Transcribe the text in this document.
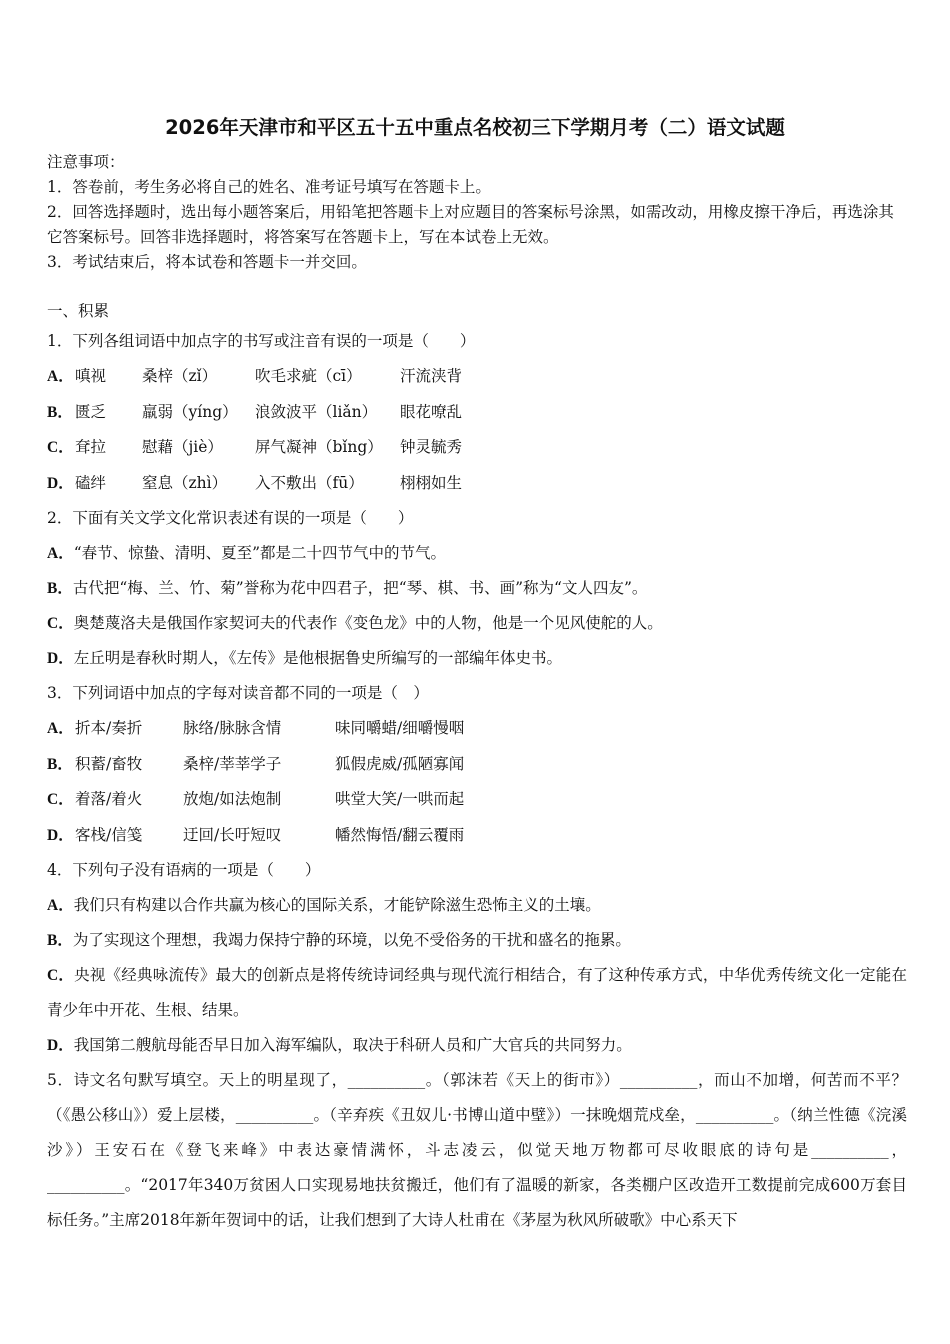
2026年天津市和平区五十五中重点名校初三下学期月考（二）语文试题
注意事项：
1．答卷前，考生务必将自己的姓名、准考证号填写在答题卡上。
2．回答选择题时，选出每小题答案后，用铅笔把答题卡上对应题目的答案标号涂黑，如需改动，用橡皮擦干净后，再选涂其它答案标号。回答非选择题时，将答案写在答题卡上，写在本试卷上无效。
3．考试结束后，将本试卷和答题卡一并交回。
一、积累
1．下列各组词语中加点字的书写或注音有误的一项是（　　）
A． 嗔视	桑梓（zǐ）	吹毛求疵（cī）	汗流浃背
B． 匮乏	羸弱（yíng）	浪敛波平（liǎn）	眼花嘹乱
C． 耷拉	慰藉（jiè）	屏气凝神（bǐng）	钟灵毓秀
D． 磕绊	窒息（zhì）	入不敷出（fū）	栩栩如生
2．下面有关文学文化常识表述有误的一项是（　　）
A．“春节、惊蛰、清明、夏至”都是二十四节气中的节气。
B．古代把“梅、兰、竹、菊”誉称为花中四君子，把“琴、棋、书、画”称为“文人四友”。
C．奥楚蔑洛夫是俄国作家契诃夫的代表作《变色龙》中的人物，他是一个见风使舵的人。
D．左丘明是春秋时期人，《左传》是他根据鲁史所编写的一部编年体史书。
3．下列词语中加点的字每对读音都不同的一项是（　）
A． 折本/奏折	脉络/脉脉含情	味同嚼蜡/细嚼慢咽
B． 积蓄/畜牧	桑梓/莘莘学子	狐假虎威/孤陋寡闻
C． 着落/着火	放炮/如法炮制	哄堂大笑/一哄而起
D． 客栈/信笺	迂回/长吁短叹	幡然悔悟/翻云覆雨
4．下列句子没有语病的一项是（　　）
A．我们只有构建以合作共赢为核心的国际关系，才能铲除滋生恐怖主义的土壤。
B．为了实现这个理想，我竭力保持宁静的环境，以免不受俗务的干扰和盛名的拖累。
C．央视《经典咏流传》最大的创新点是将传统诗词经典与现代流行相结合，有了这种传承方式，中华优秀传统文化一定能在青少年中开花、生根、结果。
D．我国第二艘航母能否早日加入海军编队，取决于科研人员和广大官兵的共同努力。
5．诗文名句默写填空。天上的明星现了，__________。（郭沫若《天上的街市》）__________，而山不加增，何苦而不平？（《愚公移山》）爱上层楼，__________。（辛弃疾《丑奴儿·书博山道中壁》）一抹晚烟荒戍垒，__________。（纳兰性德《浣溪沙》）王安石在《登飞来峰》中表达豪情满怀，斗志凌云，似觉天地万物都可尽收眼底的诗句是__________，__________。“2017年340万贫困人口实现易地扶贫搬迁，他们有了温暖的新家，各类棚户区改造开工数提前完成600万套目标任务。”主席2018年新年贺词中的话，让我们想到了大诗人杜甫在《茅屋为秋风所破歌》中心系天下
